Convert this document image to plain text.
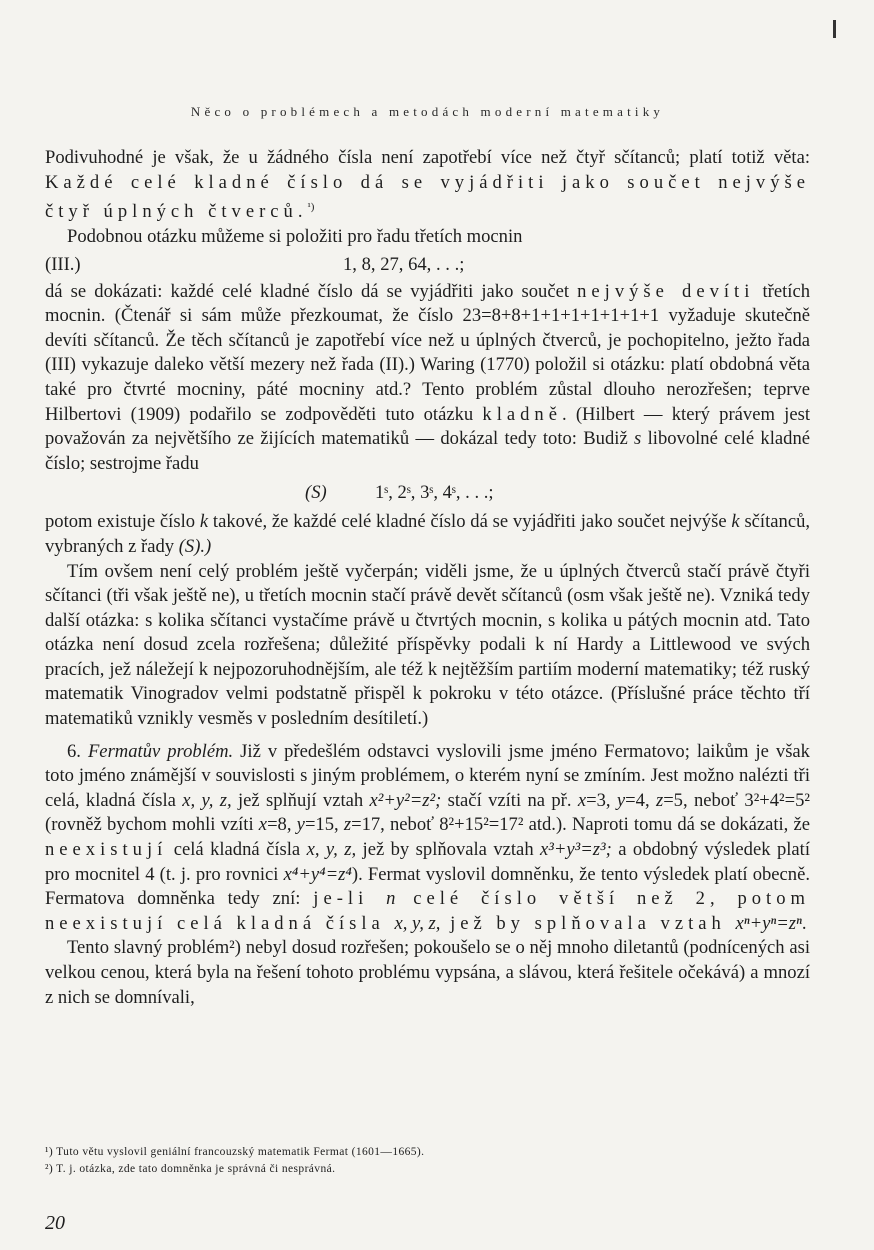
Něco o problémech a metodách moderní matematiky

Podivuhodné je však, že u žádného čísla není zapotřebí více než čtyř sčítanců; platí totiž věta: Každé celé kladné číslo dá se vyjádřiti jako součet nejvýše čtyř úplných čtverců.$^{^1)}$

Podobnou otázku můžeme si položiti pro řadu třetích mocnin

(III.)	1, 8, 27, 64, . . .;

dá se dokázati: každé celé kladné číslo dá se vyjádřiti jako součet nejvýše devíti třetích mocnin. (Čtenář si sám může přezkoumat, že číslo 23=8+8+1+1+1+1+1+1+1 vyžaduje skutečně devíti sčítanců. Že těch sčítanců je zapotřebí více než u úplných čtverců, je pochopitelno, ježto řada (III) vykazuje daleko větší mezery než řada (II).) Waring (1770) položil si otázku: platí obdobná věta také pro čtvrté mocniny, páté mocniny atd.? Tento problém zůstal dlouho nerozřešen; teprve Hilbertovi (1909) podařilo se zodpověděti tuto otázku kladně. (Hilbert — který právem jest považován za největšího ze žijících matematiků — dokázal tedy toto: Budiž s libovolné celé kladné číslo; sestrojme řadu

(S)	1ˢ, 2ˢ, 3ˢ, 4ˢ, . . .;

potom existuje číslo k takové, že každé celé kladné číslo dá se vyjádřiti jako součet nejvýše k sčítanců, vybraných z řady (S).)

Tím ovšem není celý problém ještě vyčerpán; viděli jsme, že u úplných čtverců stačí právě čtyři sčítanci (tři však ještě ne), u třetích mocnin stačí právě devět sčítanců (osm však ještě ne). Vzniká tedy další otázka: s kolika sčítanci vystačíme právě u čtvrtých mocnin, s kolika u pátých mocnin atd. Tato otázka není dosud zcela rozřešena; důležité příspěvky podali k ní Hardy a Littlewood ve svých pracích, jež náležejí k nejpozoruhodnějším, ale též k nejtěžším partiím moderní matematiky; též ruský matematik Vinogradov velmi podstatně přispěl k pokroku v této otázce. (Příslušné práce těchto tří matematiků vznikly vesměs v posledním desítiletí.)

6. Fermatův problém. Již v předešlém odstavci vyslovili jsme jméno Fermatovo; laikům je však toto jméno známější v souvislosti s jiným problémem, o kterém nyní se zmíním. Jest možno nalézti tři celá, kladná čísla x, y, z, jež splňují vztah x²+y²=z²; stačí vzíti na př. x=3, y=4, z=5, neboť 3²+4²=5² (rovněž bychom mohli vzíti x=8, y=15, z=17, neboť 8²+15²=17² atd.). Naproti tomu dá se dokázati, že neexistují celá kladná čísla x, y, z, jež by splňovala vztah x³+y³=z³; a obdobný výsledek platí pro mocnitel 4 (t. j. pro rovnici x⁴+y⁴=z⁴). Fermat vyslovil domněnku, že tento výsledek platí obecně. Fermatova domněnka tedy zní: je-li n celé číslo větší než 2, potom neexistují celá kladná čísla x, y, z, jež by splňovala vztah xⁿ+yⁿ=zⁿ.

Tento slavný problém²) nebyl dosud rozřešen; pokoušelo se o něj mnoho diletantů (podnícených asi velkou cenou, která byla na řešení tohoto problému vypsána, a slávou, která řešitele očekává) a mnozí z nich se domnívali,

¹) Tuto větu vyslovil geniální francouzský matematik Fermat (1601—1665).

²) T. j. otázka, zde tato domněnka je správná či nesprávná.

20
